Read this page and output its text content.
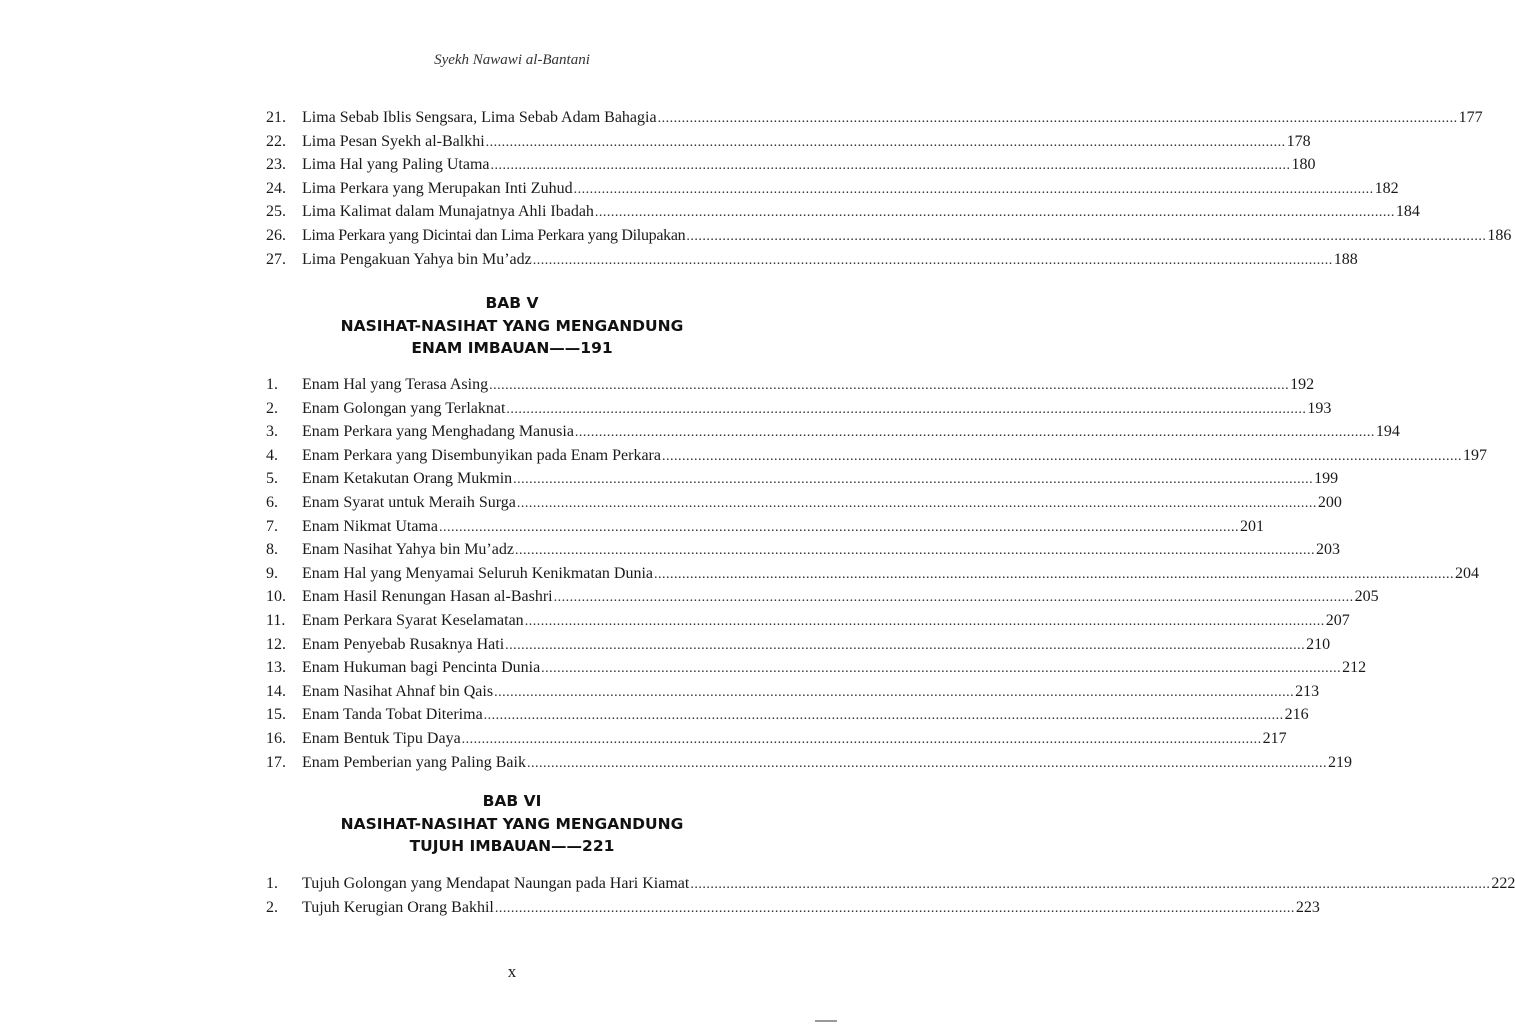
Syekh Nawawi al-Bantani
21.	Lima Sebab Iblis Sengsara, Lima Sebab Adam Bahagia ........................................................................................................................................................................................................ 177
22.	Lima Pesan Syekh al-Balkhi ........................................................................................................................................................................................................ 178
23.	Lima Hal yang Paling Utama ........................................................................................................................................................................................................ 180
24.	Lima Perkara yang Merupakan Inti Zuhud ........................................................................................................................................................................................................ 182
25.	Lima Kalimat dalam Munajatnya Ahli Ibadah ........................................................................................................................................................................................................ 184
26.	Lima Perkara yang Dicintai dan Lima Perkara yang Dilupakan ........................................................................................................................................................................................................ 186
27.	Lima Pengakuan Yahya bin Mu’adz ........................................................................................................................................................................................................ 188
BAB V
NASIHAT-NASIHAT YANG MENGANDUNG
ENAM IMBAUAN——191
1.	Enam Hal yang Terasa Asing ........................................................................................................................................................................................................ 192
2.	Enam Golongan yang Terlaknat ........................................................................................................................................................................................................ 193
3.	Enam Perkara yang Menghadang Manusia ........................................................................................................................................................................................................ 194
4.	Enam Perkara yang Disembunyikan pada Enam Perkara ........................................................................................................................................................................................................ 197
5.	Enam Ketakutan Orang Mukmin ........................................................................................................................................................................................................ 199
6.	Enam Syarat untuk Meraih Surga ........................................................................................................................................................................................................ 200
7.	Enam Nikmat Utama ........................................................................................................................................................................................................ 201
8.	Enam Nasihat Yahya bin Mu’adz ........................................................................................................................................................................................................ 203
9.	Enam Hal yang Menyamai Seluruh Kenikmatan Dunia ........................................................................................................................................................................................................ 204
10.	Enam Hasil Renungan Hasan al-Bashri ........................................................................................................................................................................................................ 205
11.	Enam Perkara Syarat Keselamatan ........................................................................................................................................................................................................ 207
12.	Enam Penyebab Rusaknya Hati ........................................................................................................................................................................................................ 210
13.	Enam Hukuman bagi Pencinta Dunia ........................................................................................................................................................................................................ 212
14.	Enam Nasihat Ahnaf bin Qais ........................................................................................................................................................................................................ 213
15.	Enam Tanda Tobat Diterima ........................................................................................................................................................................................................ 216
16.	Enam Bentuk Tipu Daya ........................................................................................................................................................................................................ 217
17.	Enam Pemberian yang Paling Baik ........................................................................................................................................................................................................ 219
BAB VI
NASIHAT-NASIHAT YANG MENGANDUNG
TUJUH IMBAUAN——221
1.	Tujuh Golongan yang Mendapat Naungan pada Hari Kiamat ........................................................................................................................................................................................................ 222
2.	Tujuh Kerugian Orang Bakhil ........................................................................................................................................................................................................ 223
x
